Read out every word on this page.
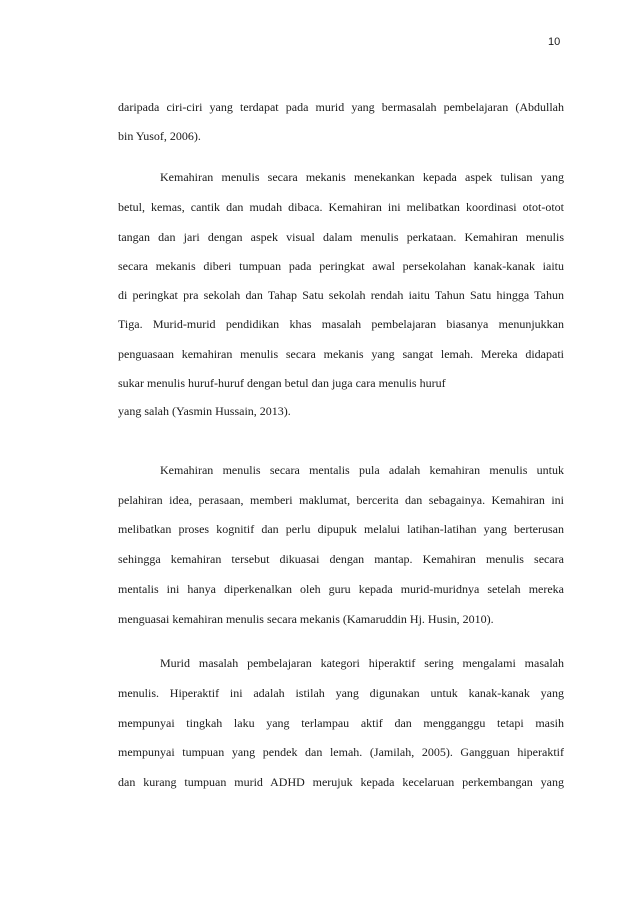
10
daripada ciri-ciri yang terdapat pada murid yang bermasalah pembelajaran (Abdullah
bin Yusof, 2006).
Kemahiran menulis secara mekanis menekankan kepada aspek tulisan yang
betul, kemas, cantik dan mudah dibaca. Kemahiran ini melibatkan koordinasi otot-otot
tangan dan jari dengan aspek visual dalam menulis perkataan. Kemahiran menulis
secara mekanis diberi tumpuan pada peringkat awal persekolahan kanak-kanak iaitu
di peringkat pra sekolah dan Tahap Satu sekolah rendah iaitu Tahun Satu hingga Tahun
Tiga. Murid-murid pendidikan khas masalah pembelajaran biasanya menunjukkan
penguasaan kemahiran menulis secara mekanis yang sangat lemah. Mereka didapati
sukar menulis huruf-huruf dengan betul dan juga cara menulis huruf
yang salah (Yasmin Hussain, 2013).
Kemahiran menulis secara mentalis pula adalah kemahiran menulis untuk
pelahiran idea, perasaan, memberi maklumat, bercerita dan sebagainya. Kemahiran ini
melibatkan proses kognitif dan perlu dipupuk melalui latihan-latihan yang berterusan
sehingga kemahiran tersebut dikuasai dengan mantap. Kemahiran menulis secara
mentalis ini hanya diperkenalkan oleh guru kepada murid-muridnya setelah mereka
menguasai kemahiran menulis secara mekanis (Kamaruddin Hj. Husin, 2010).
Murid masalah pembelajaran kategori hiperaktif sering mengalami masalah
menulis. Hiperaktif ini adalah istilah yang digunakan untuk kanak-kanak yang
mempunyai tingkah laku yang terlampau aktif dan mengganggu tetapi masih
mempunyai tumpuan yang pendek dan lemah. (Jamilah, 2005). Gangguan hiperaktif
dan kurang tumpuan murid ADHD merujuk kepada kecelaruan perkembangan yang
